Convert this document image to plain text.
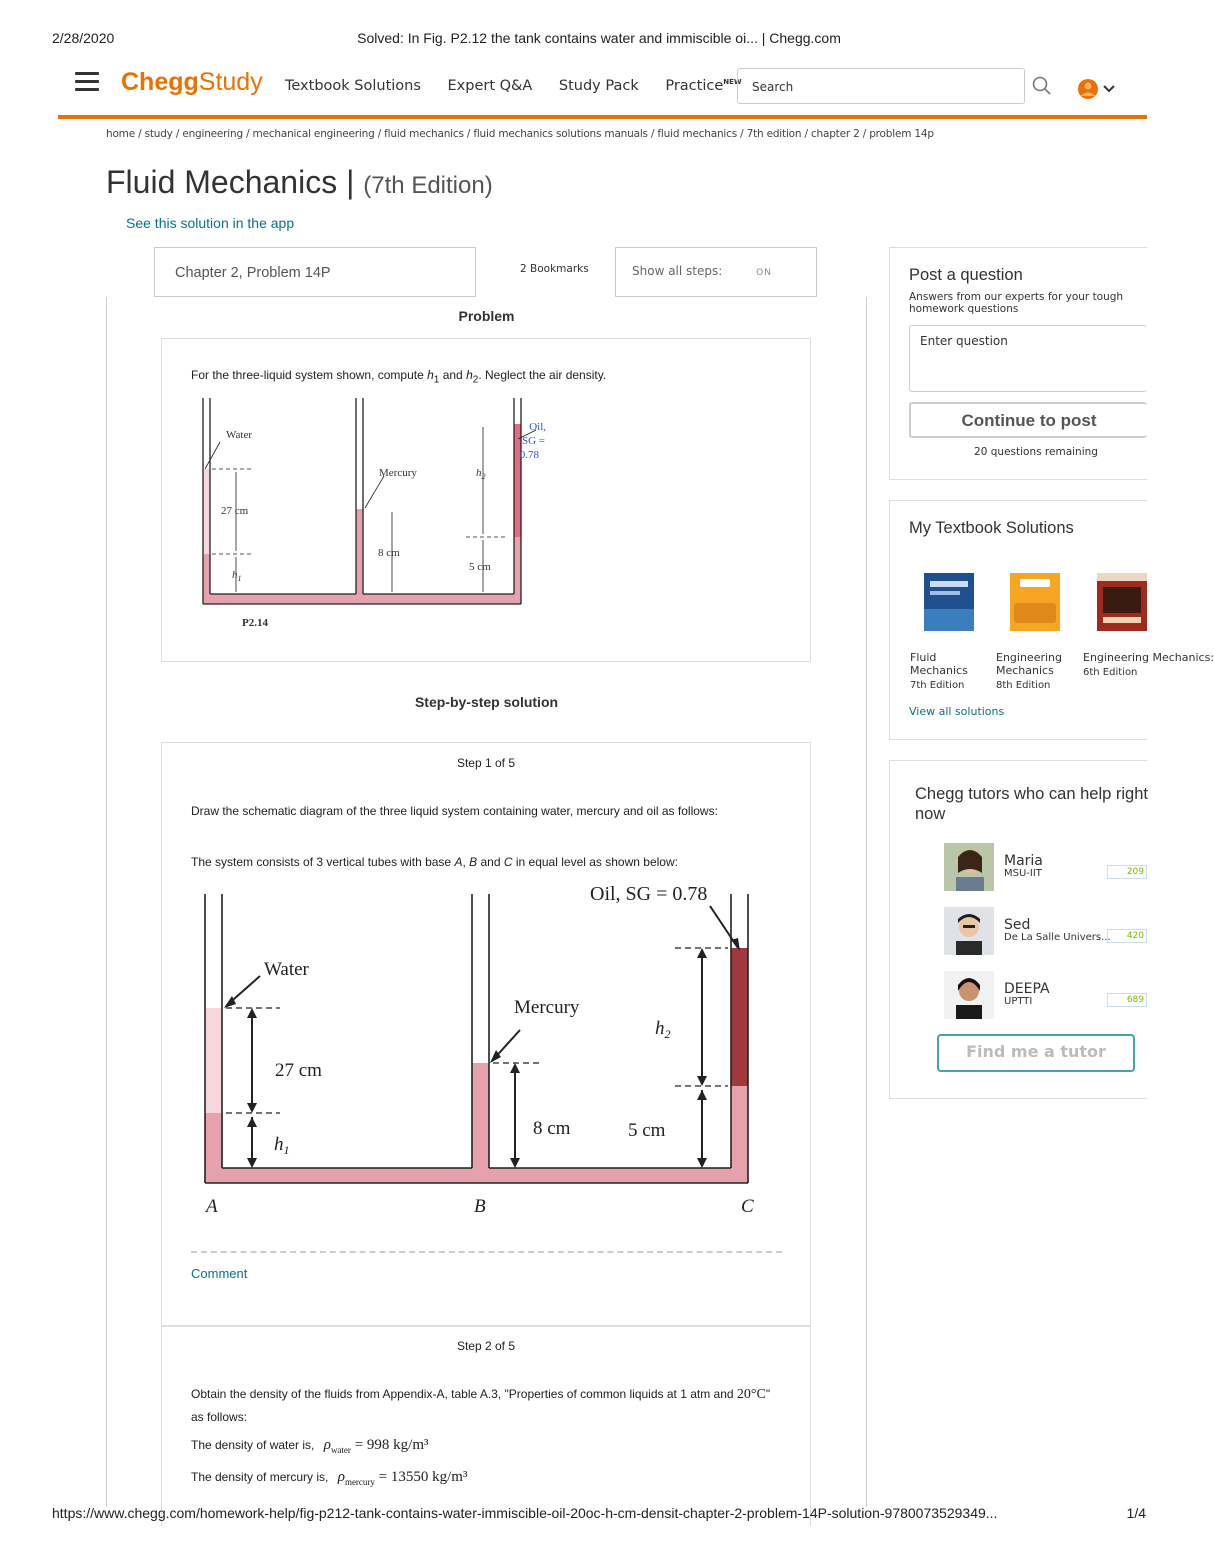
2/28/2020	Solved: In Fig. P2.12 the tank contains water and immiscible oi... | Chegg.com
CheggStudy Textbook Solutions Expert Q&A Study Pack Practice$^{NEW}$ Search
home / study / engineering / mechanical engineering / fluid mechanics / fluid mechanics solutions manuals / fluid mechanics / 7th edition / chapter 2 / problem 14p
Fluid Mechanics | (7th Edition)
See this solution in the app
Chapter 2, Problem 14P	2 Bookmarks	Show all steps:	ON
Problem
For the three-liquid system shown, compute $h_1$ and $h_2$. Neglect the air density.
Water
Mercury
Oil,
SG =
0.78
27 cm
8 cm
5 cm
$h_1$
$h_2$
P2.14
Step-by-step solution
Step 1 of 5
Draw the schematic diagram of the three liquid system containing water, mercury and oil as follows:
The system consists of 3 vertical tubes with base A, B and C in equal level as shown below:
Oil, SG = 0.78
Water
Mercury
27 cm
8 cm	5 cm
$h_1$
$h_2$
A	B	C
Comment
Step 2 of 5
Obtain the density of the fluids from Appendix-A, table A.3, "Properties of common liquids at 1 atm and 20°C" as follows:
The density of water is, $\rho_{water} = 998$ kg/m³
The density of mercury is, $\rho_{mercury} = 13550$ kg/m³
Post a question
Answers from our experts for your tough homework questions
Enter question
Continue to post
20 questions remaining
My Textbook Solutions
Fluid Mechanics
7th Edition
Engineering Mechanics
8th Edition
Engineering Mechanics:
6th Edition
View all solutions
Chegg tutors who can help right now
Maria
MSU-IIT	209
Sed
De La Salle Univers...	420
DEEPA
UPTTI	689
Find me a tutor
https://www.chegg.com/homework-help/fig-p212-tank-contains-water-immiscible-oil-20oc-h-cm-densit-chapter-2-problem-14P-solution-9780073529349...	1/4
